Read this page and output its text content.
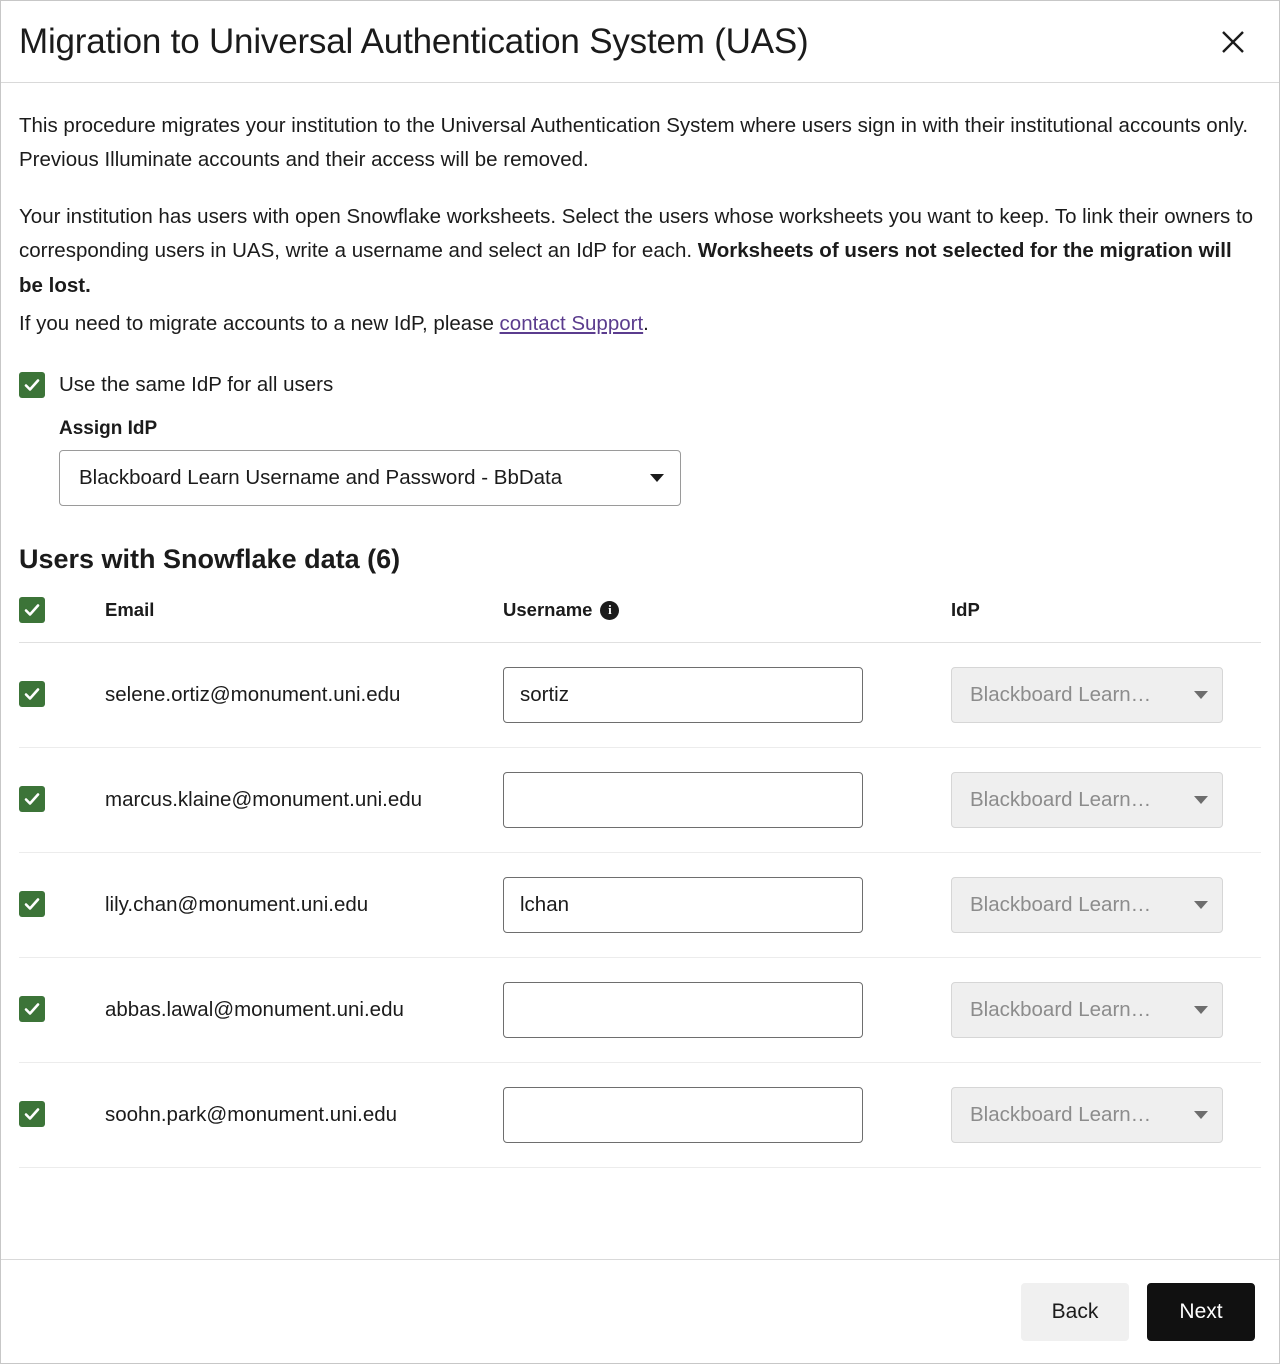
Migration to Universal Authentication System (UAS)

This procedure migrates your institution to the Universal Authentication System where users sign in with their institutional accounts only. Previous Illuminate accounts and their access will be removed.

Your institution has users with open Snowflake worksheets. Select the users whose worksheets you want to keep. To link their owners to corresponding users in UAS, write a username and select an IdP for each. Worksheets of users not selected for the migration will be lost.

If you need to migrate accounts to a new IdP, please contact Support.

Use the same IdP for all users
Assign IdP
Blackboard Learn Username and Password - BbData
Users with Snowflake data (6)
	Email	Username i	IdP

	selene.ortiz@monument.uni.edu	sortiz	Blackboard Learn…

	marcus.klaine@monument.uni.edu		Blackboard Learn…

	lily.chan@monument.uni.edu	lchan	Blackboard Learn…

	abbas.lawal@monument.uni.edu		Blackboard Learn…

	soohn.park@monument.uni.edu		Blackboard Learn…
Back	Next
